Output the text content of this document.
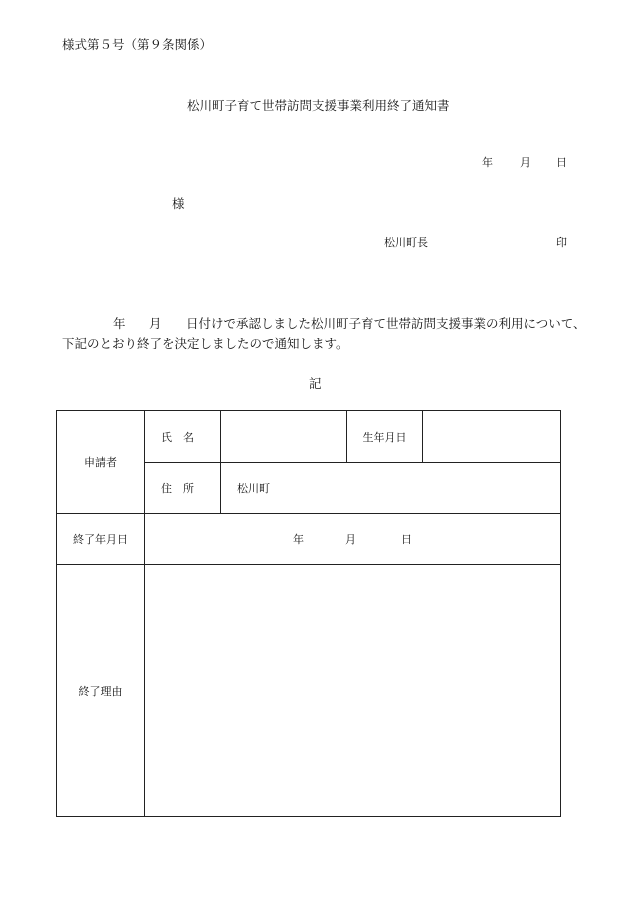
様式第５号（第９条関係）
松川町子育て世帯訪問支援事業利用終了通知書
年 月 日
様
松川町長	印
年 月 日付けで承認しました松川町子育て世帯訪問支援事業の利用について、
下記のとおり終了を決定しましたので通知します。
記
申請者	氏　名		生年月日	
	住　所	松川町		
終了年月日	年 月 日			
終了理由				
